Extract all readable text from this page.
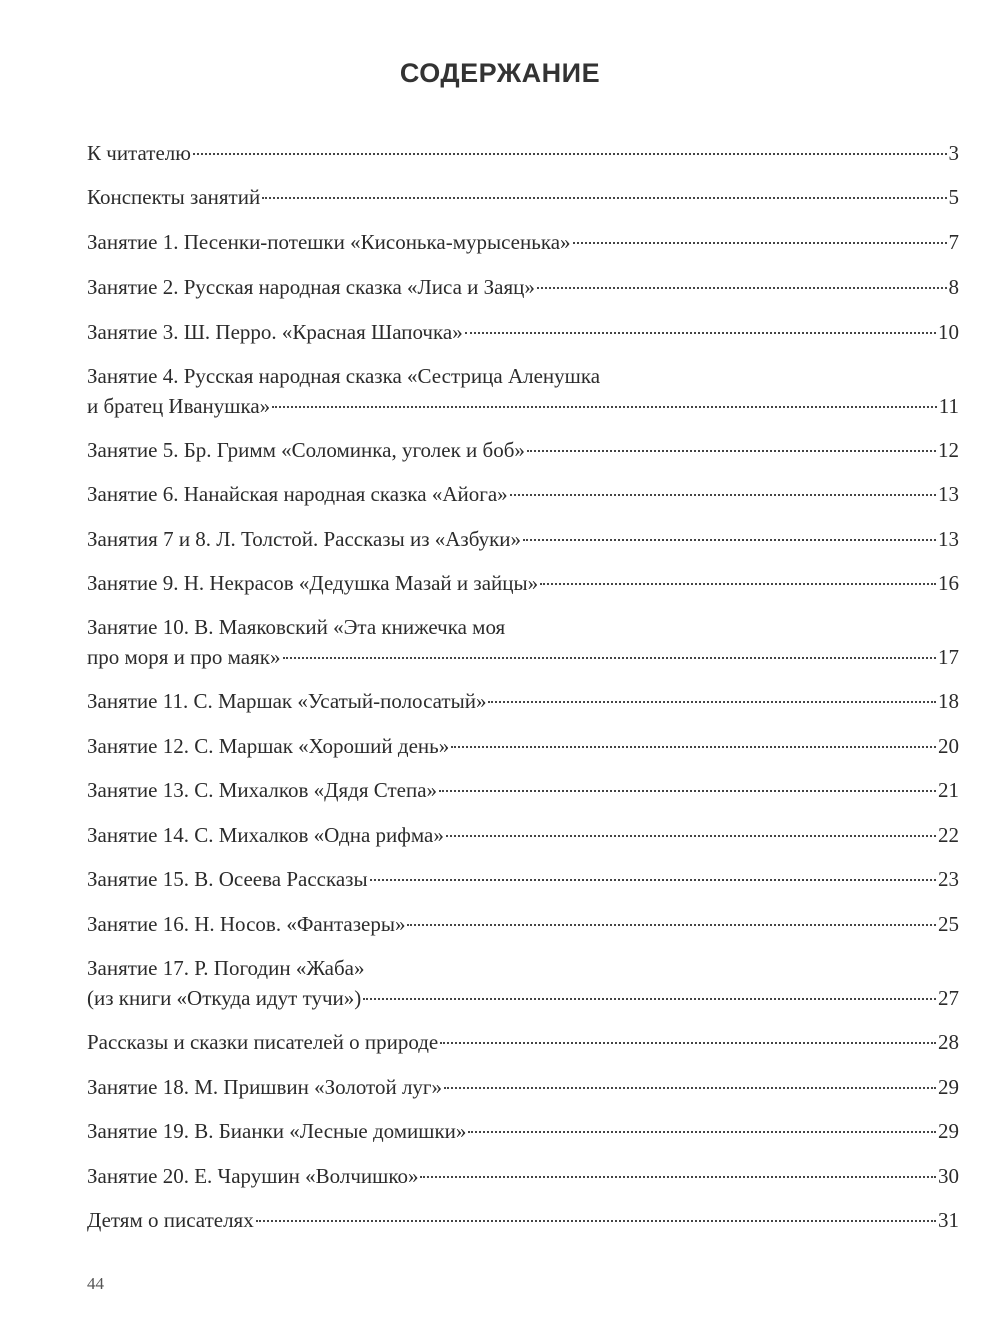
СОДЕРЖАНИЕ
К читателю	3
Конспекты занятий	5
Занятие 1. Песенки-потешки «Кисонька-мурысенька»	7
Занятие 2. Русская народная сказка «Лиса и Заяц»	8
Занятие 3. Ш. Перро. «Красная Шапочка»	10
Занятие 4. Русская народная сказка «Сестрица Аленушка
и братец Иванушка»	11
Занятие 5. Бр. Гримм «Соломинка, уголек и боб»	12
Занятие 6. Нанайская народная сказка «Айога»	13
Занятия 7 и 8. Л. Толстой. Рассказы из «Азбуки»	13
Занятие 9. Н. Некрасов «Дедушка Мазай и зайцы»	16
Занятие 10. В. Маяковский «Эта книжечка моя
про моря и про маяк»	17
Занятие 11. С. Маршак «Усатый-полосатый»	18
Занятие 12. С. Маршак «Хороший день»	20
Занятие 13. С. Михалков «Дядя Степа»	21
Занятие 14. С. Михалков «Одна рифма»	22
Занятие 15. В. Осеева Рассказы	23
Занятие 16. Н. Носов. «Фантазеры»	25
Занятие 17. Р. Погодин «Жаба»
(из книги «Откуда идут тучи»)	27
Рассказы и сказки писателей о природе	28
Занятие 18. М. Пришвин «Золотой луг»	29
Занятие 19. В. Бианки «Лесные домишки»	29
Занятие 20. Е. Чарушин «Волчишко»	30
Детям о писателях	31
44
